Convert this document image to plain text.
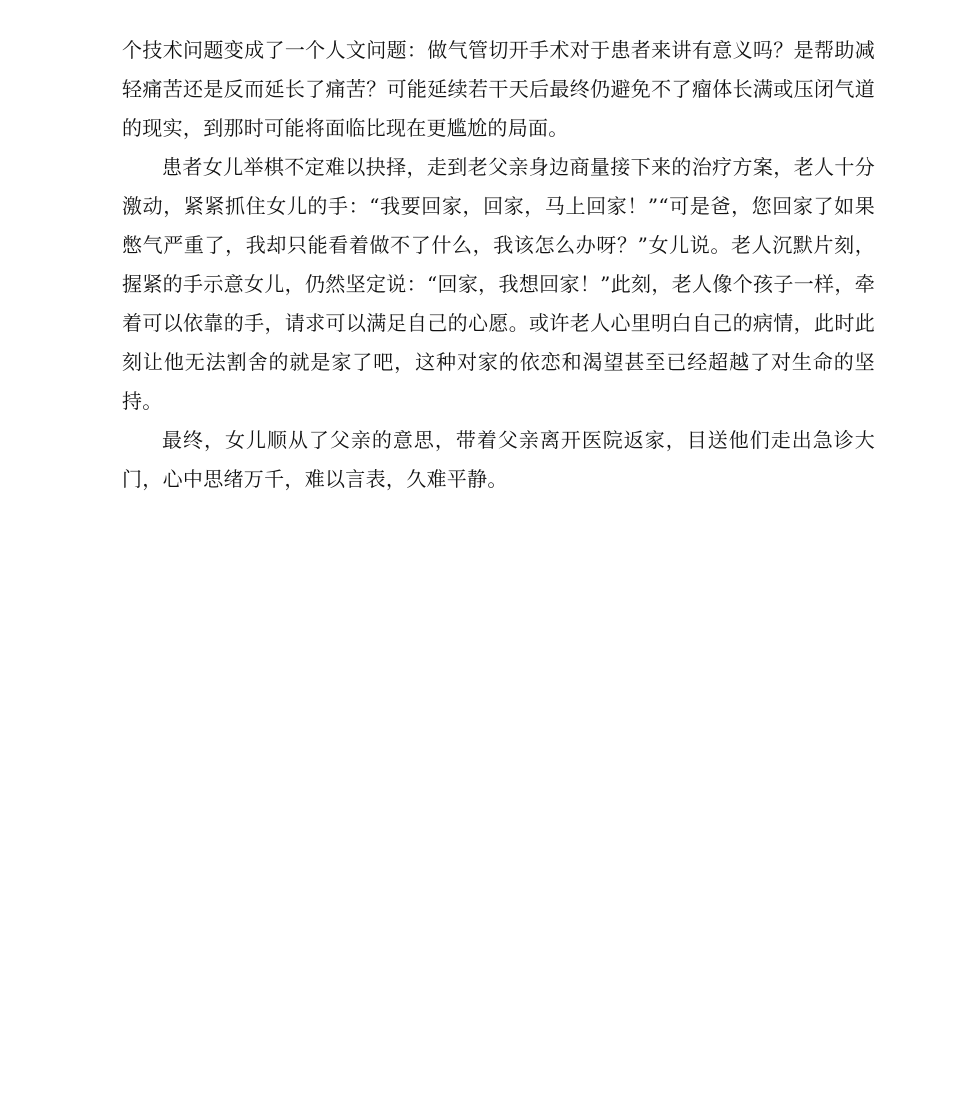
个技术问题变成了一个人文问题：做气管切开手术对于患者来讲有意义吗？是帮助减轻痛苦还是反而延长了痛苦？可能延续若干天后最终仍避免不了瘤体长满或压闭气道的现实，到那时可能将面临比现在更尴尬的局面。

患者女儿举棋不定难以抉择，走到老父亲身边商量接下来的治疗方案，老人十分激动，紧紧抓住女儿的手：“我要回家，回家，马上回家！”“可是爸，您回家了如果憋气严重了，我却只能看着做不了什么，我该怎么办呀？”女儿说。老人沉默片刻，握紧的手示意女儿，仍然坚定说：“回家，我想回家！”此刻，老人像个孩子一样，牵着可以依靠的手，请求可以满足自己的心愿。或许老人心里明白自己的病情，此时此刻让他无法割舍的就是家了吧，这种对家的依恋和渴望甚至已经超越了对生命的坚持。

最终，女儿顺从了父亲的意思，带着父亲离开医院返家，目送他们走出急诊大门，心中思绪万千，难以言表，久难平静。
